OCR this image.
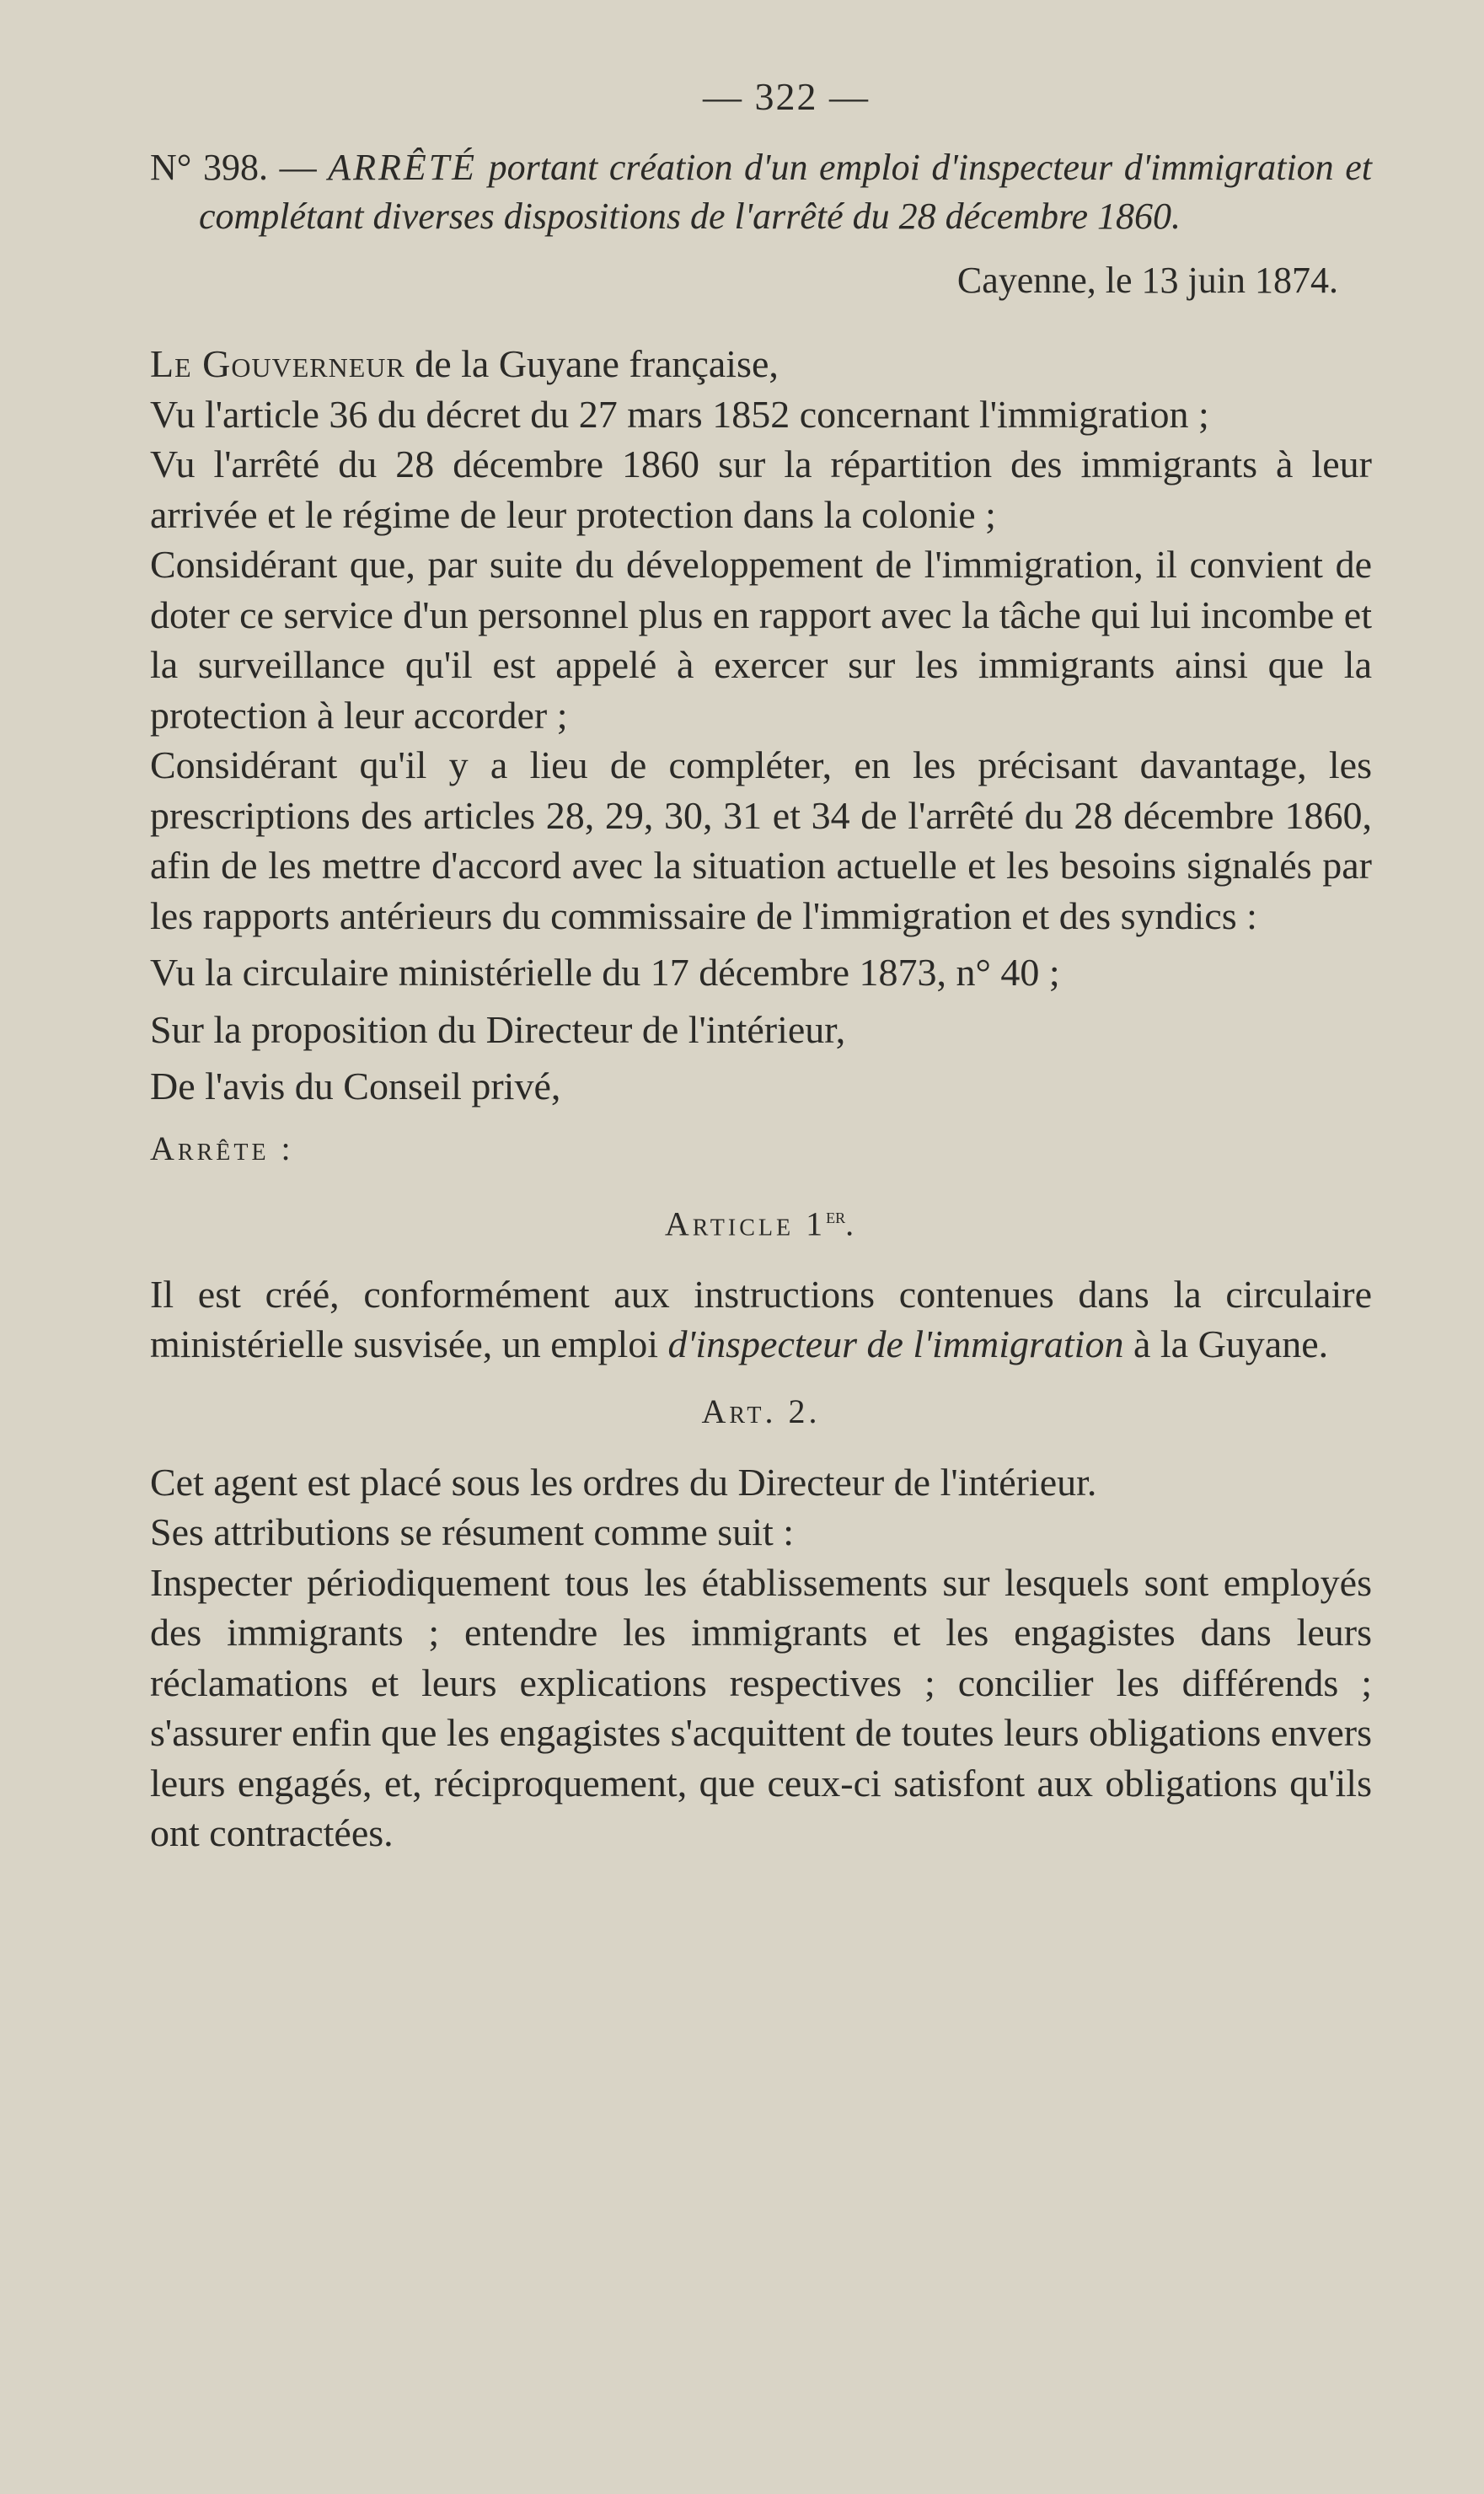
— 322 —

N° 398. — ARRÊTÉ portant création d'un emploi d'inspecteur d'immigration et complétant diverses dispositions de l'arrêté du 28 décembre 1860.

Cayenne, le 13 juin 1874.

Le Gouverneur de la Guyane française,

Vu l'article 36 du décret du 27 mars 1852 concernant l'immigration ;

Vu l'arrêté du 28 décembre 1860 sur la répartition des immigrants à leur arrivée et le régime de leur protection dans la colonie ;

Considérant que, par suite du développement de l'immigration, il convient de doter ce service d'un personnel plus en rapport avec la tâche qui lui incombe et la surveillance qu'il est appelé à exercer sur les immigrants ainsi que la protection à leur accorder ;

Considérant qu'il y a lieu de compléter, en les précisant davantage, les prescriptions des articles 28, 29, 30, 31 et 34 de l'arrêté du 28 décembre 1860, afin de les mettre d'accord avec la situation actuelle et les besoins signalés par les rapports antérieurs du commissaire de l'immigration et des syndics :

Vu la circulaire ministérielle du 17 décembre 1873, n° 40 ;

Sur la proposition du Directeur de l'intérieur,

De l'avis du Conseil privé,

Arrête :
Article 1er.

Il est créé, conformément aux instructions contenues dans la circulaire ministérielle susvisée, un emploi d'inspecteur de l'immigration à la Guyane.

Art. 2.

Cet agent est placé sous les ordres du Directeur de l'intérieur.

Ses attributions se résument comme suit :

Inspecter périodiquement tous les établissements sur lesquels sont employés des immigrants ; entendre les immigrants et les engagistes dans leurs réclamations et leurs explications respectives ; concilier les différends ; s'assurer enfin que les engagistes s'acquittent de toutes leurs obligations envers leurs engagés, et, réciproquement, que ceux-ci satisfont aux obligations qu'ils ont contractées.
